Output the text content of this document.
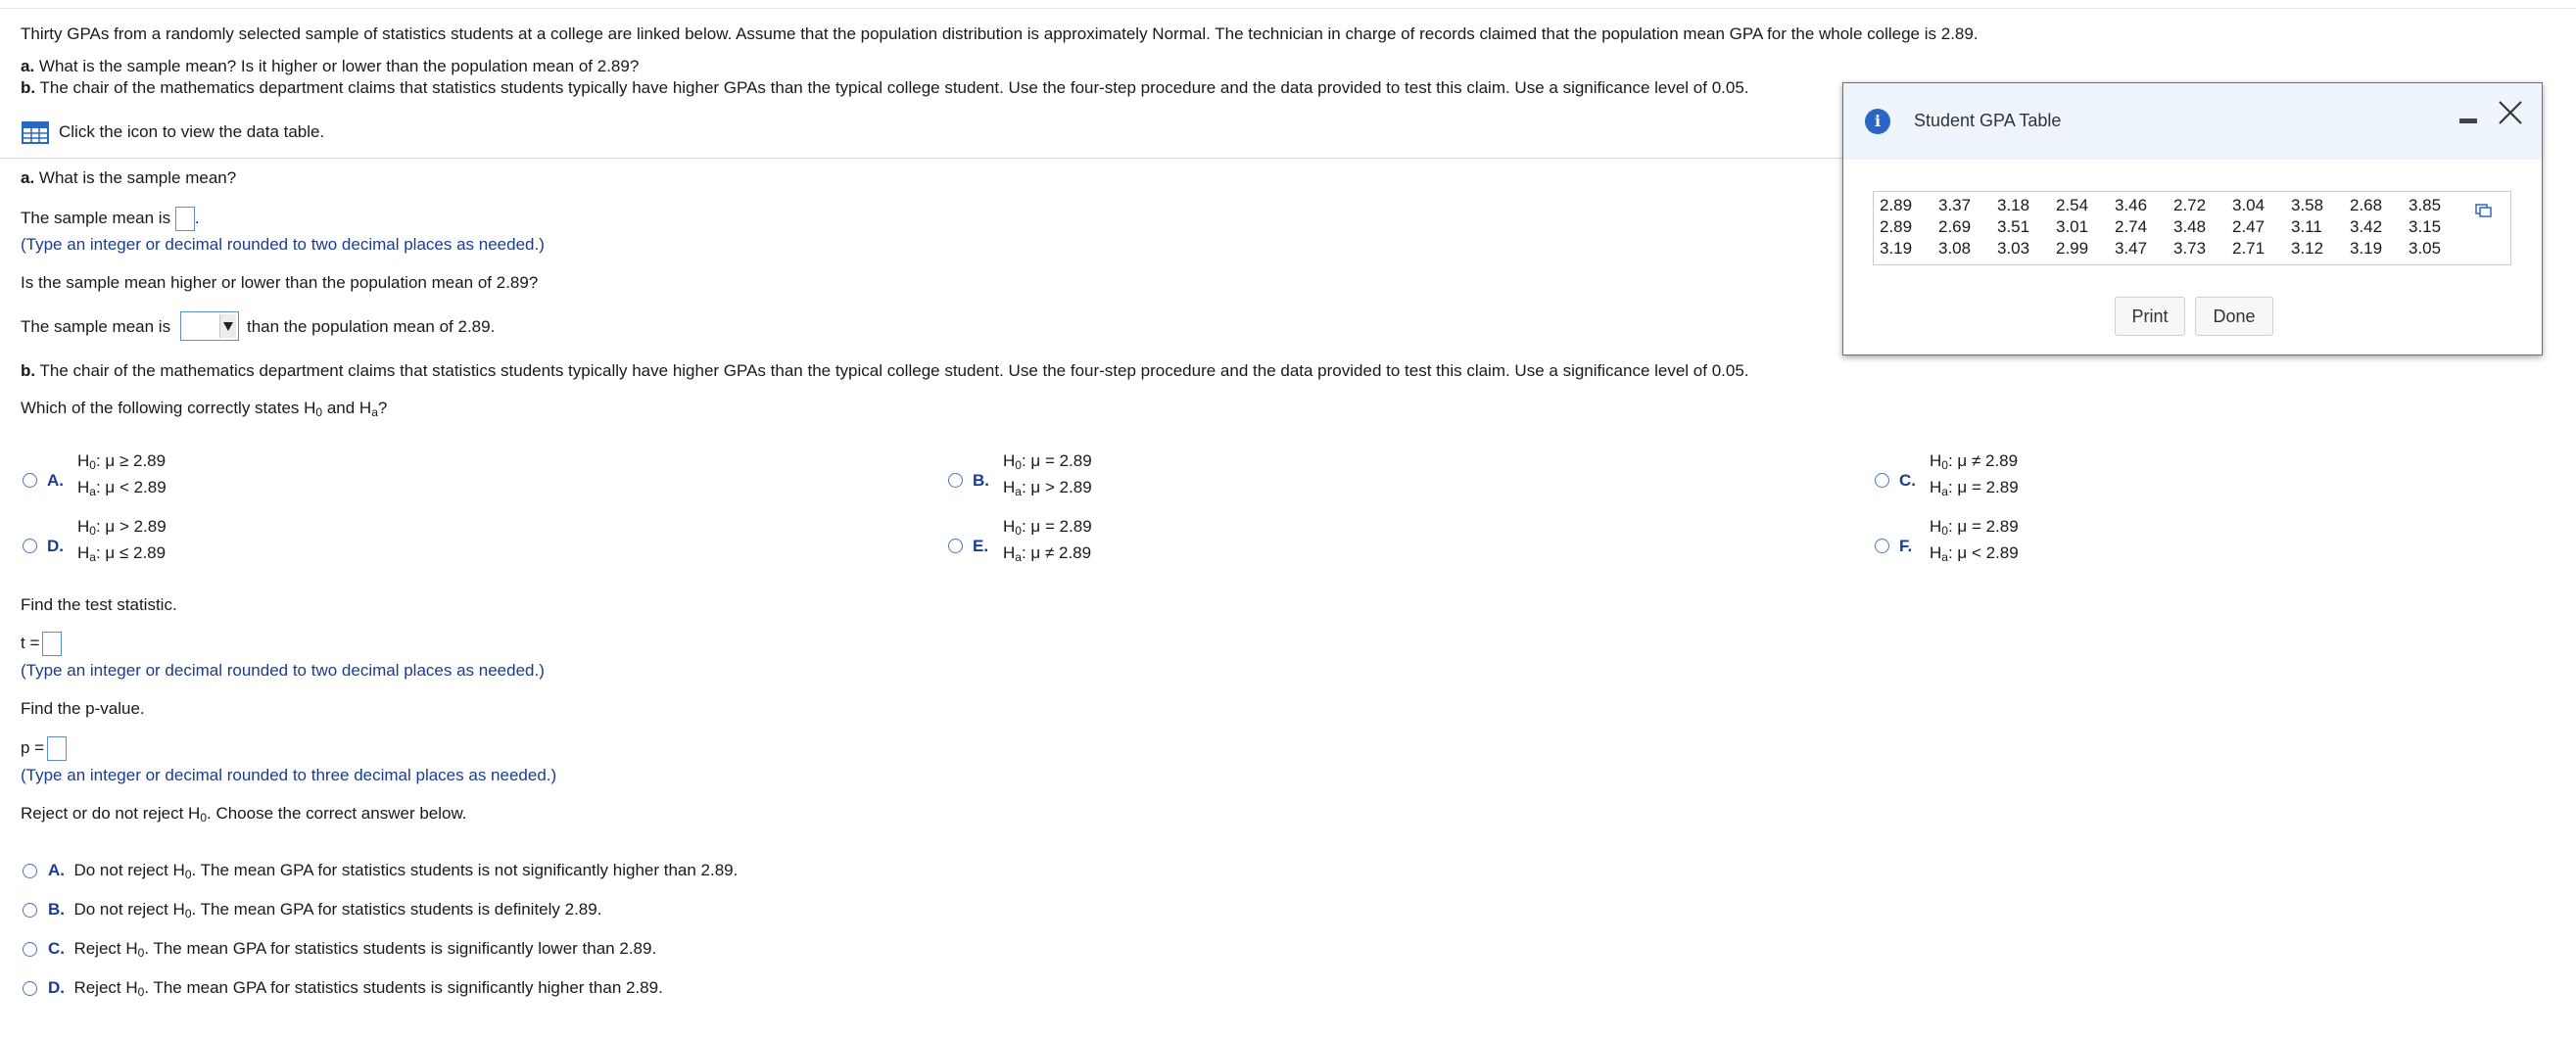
Thirty GPAs from a randomly selected sample of statistics students at a college are linked below. Assume that the population distribution is approximately Normal. The technician in charge of records claimed that the population mean GPA for the whole college is 2.89.
a. What is the sample mean? Is it higher or lower than the population mean of 2.89?
b. The chair of the mathematics department claims that statistics students typically have higher GPAs than the typical college student. Use the four-step procedure and the data provided to test this claim. Use a significance level of 0.05.
Click the icon to view the data table.
a. What is the sample mean?
The sample mean is .
(Type an integer or decimal rounded to two decimal places as needed.)
Is the sample mean higher or lower than the population mean of 2.89?
The sample mean is	than the population mean of 2.89.
b. The chair of the mathematics department claims that statistics students typically have higher GPAs than the typical college student. Use the four-step procedure and the data provided to test this claim. Use a significance level of 0.05.
Which of the following correctly states $H_0$ and $H_a$?
A.
$H_0$: μ ≥ 2.89
$H_a$: μ < 2.89	B.
$H_0$: μ = 2.89
$H_a$: μ > 2.89	C.
$H_0$: μ ≠ 2.89
$H_a$: μ = 2.89
D.
$H_0$: μ > 2.89
$H_a$: μ ≤ 2.89	E.
$H_0$: μ = 2.89
$H_a$: μ ≠ 2.89	F.
$H_0$: μ = 2.89
$H_a$: μ < 2.89
Find the test statistic.
t =
(Type an integer or decimal rounded to two decimal places as needed.)
Find the p-value.
p =
(Type an integer or decimal rounded to three decimal places as needed.)
Reject or do not reject $H_0$. Choose the correct answer below.
A. Do not reject $H_0$. The mean GPA for statistics students is not significantly higher than 2.89.
B. Do not reject $H_0$. The mean GPA for statistics students is definitely 2.89.
C. Reject $H_0$. The mean GPA for statistics students is significantly lower than 2.89.
D. Reject $H_0$. The mean GPA for statistics students is significantly higher than 2.89.
i	Student GPA Table
2.89 3.37 3.18 2.54 3.46 2.72 3.04 3.58 2.68 3.85
2.89 2.69 3.51 3.01 2.74 3.48 2.47 3.11 3.42 3.15
3.19 3.08 3.03 2.99 3.47 3.73 2.71 3.12 3.19 3.05
Print	Done
